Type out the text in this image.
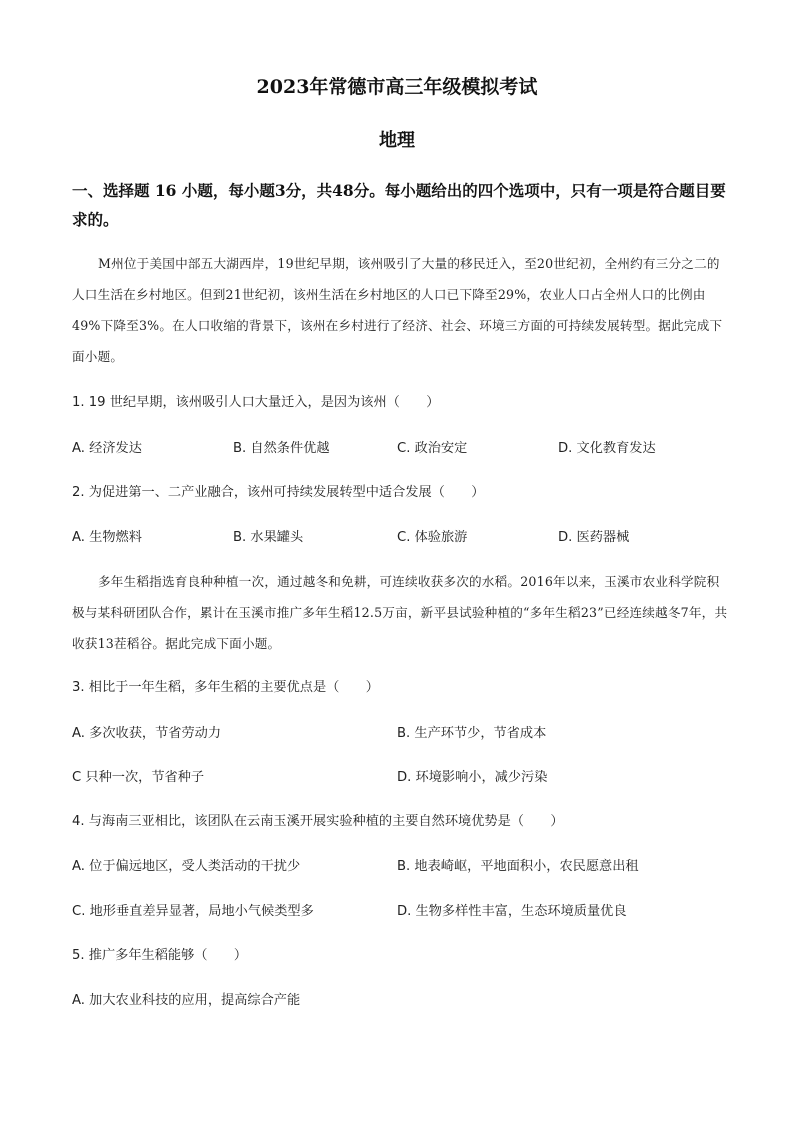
2023年常德市高三年级模拟考试
地理
一、选择题 16 小题，每小题3分，共48分。每小题给出的四个选项中，只有一项是符合题目要求的。
M州位于美国中部五大湖西岸，19世纪早期，该州吸引了大量的移民迁入，至20世纪初，全州约有三分之二的人口生活在乡村地区。但到21世纪初，该州生活在乡村地区的人口已下降至29%，农业人口占全州人口的比例由49%下降至3%。在人口收缩的背景下，该州在乡村进行了经济、社会、环境三方面的可持续发展转型。据此完成下面小题。
1. 19 世纪早期，该州吸引人口大量迁入，是因为该州（　　）
A. 经济发达	B. 自然条件优越	C. 政治安定	D. 文化教育发达
2. 为促进第一、二产业融合，该州可持续发展转型中适合发展（　　）
A. 生物燃料	B. 水果罐头	C. 体验旅游	D. 医药器械
多年生稻指选育良种种植一次，通过越冬和免耕，可连续收获多次的水稻。2016年以来，玉溪市农业科学院积极与某科研团队合作，累计在玉溪市推广多年生稻12.5万亩，新平县试验种植的“多年生稻23”已经连续越冬7年，共收获13茬稻谷。据此完成下面小题。
3. 相比于一年生稻，多年生稻的主要优点是（　　）
A. 多次收获，节省劳动力	B. 生产环节少，节省成本
C 只种一次，节省种子	D. 环境影响小，减少污染
4. 与海南三亚相比，该团队在云南玉溪开展实验种植的主要自然环境优势是（　　）
A. 位于偏远地区，受人类活动的干扰少	B. 地表崎岖，平地面积小，农民愿意出租
C. 地形垂直差异显著，局地小气候类型多	D. 生物多样性丰富，生态环境质量优良
5. 推广多年生稻能够（　　）
A. 加大农业科技的应用，提高综合产能
